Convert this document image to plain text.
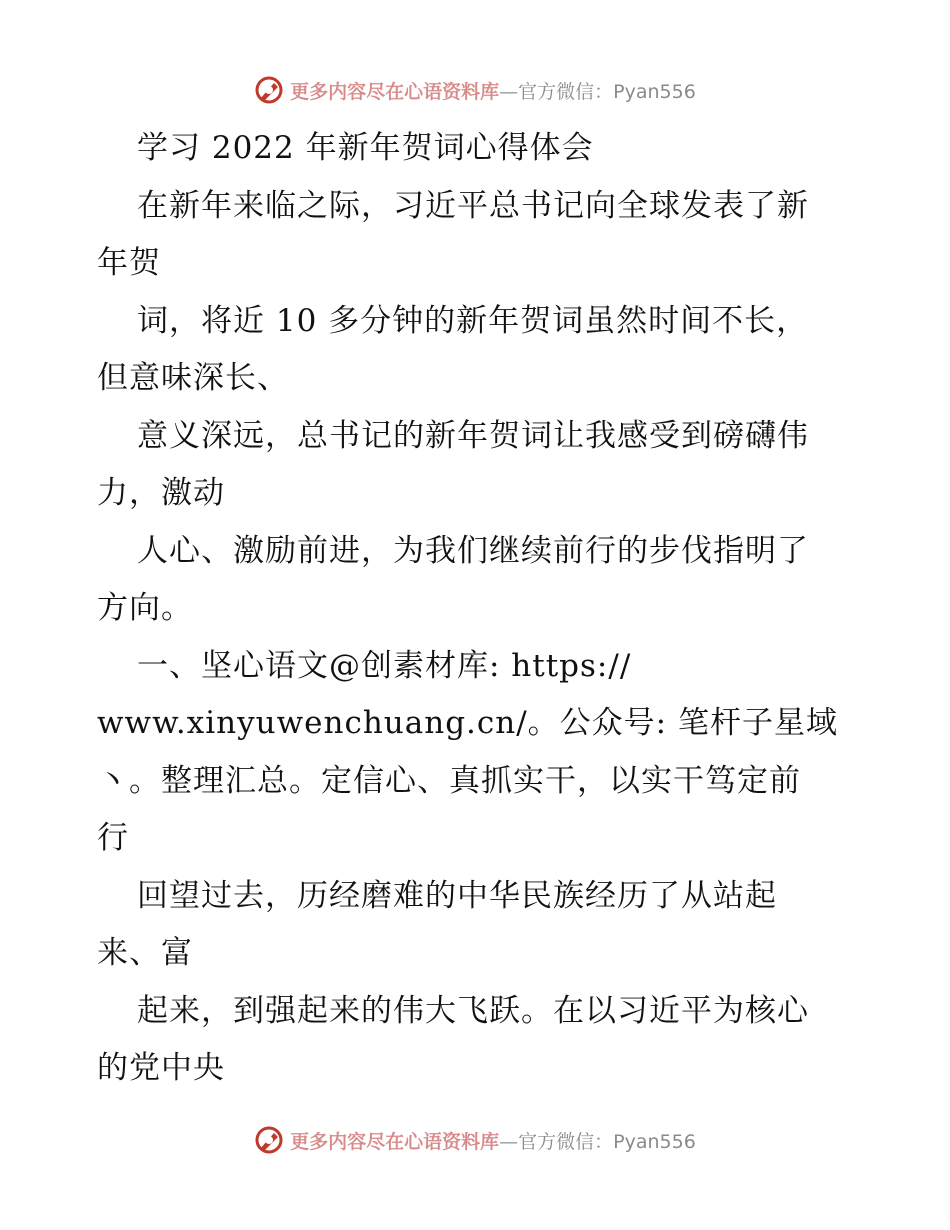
更多内容尽在心语资料库—官方微信：Pyan556
学习 2022 年新年贺词心得体会
在新年来临之际，习近平总书记向全球发表了新
年贺
词，将近 10 多分钟的新年贺词虽然时间不长，
但意味深长、
意义深远，总书记的新年贺词让我感受到磅礴伟
力，激动
人心、激励前进，为我们继续前行的步伐指明了
方向。
一、坚心语文@创素材库: https://
www.xinyuwenchuang.cn/。公众号: 笔杆子星域
丶。整理汇总。定信心、真抓实干，以实干笃定前
行
回望过去，历经磨难的中华民族经历了从站起
来、富
起来，到强起来的伟大飞跃。在以习近平为核心
的党中央
更多内容尽在心语资料库—官方微信：Pyan556
